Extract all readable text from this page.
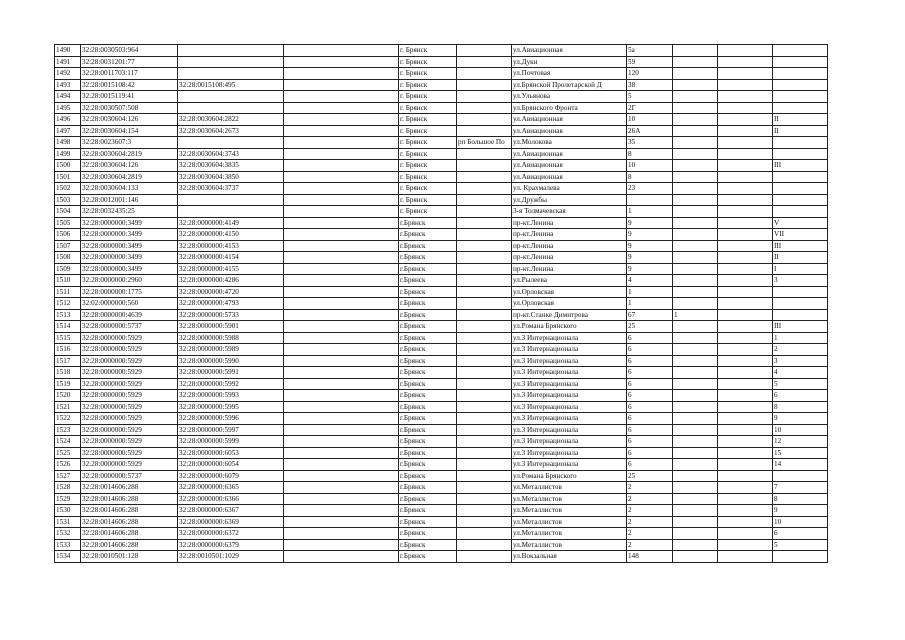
1490	32:28:0030503:964			г. Брянск		ул.Авиационная	5а			
1491	32:28:0031201:77			г. Брянск		ул.Дуки	59			
1492	32:28:0011703:117			г. Брянск		ул.Почтовая	120			
1493	32:28:0015108:42	32:28:0015108:495		г. Брянск		ул.Брянской Пролетарской Д	38			
1494	32:28:0015119:41			г. Брянск		ул.Ульянова	5			
1495	32:28:0030507:508			г. Брянск		ул.Брянского Фронта	2Г			
1496	32:28:0030604:126	32:28:0030604:2822		г. Брянск		ул.Авиационная	10			II
1497	32:28:0030604:154	32:28:0030604:2673		г. Брянск		ул.Авиационная	26А			II
1498	32:28:0023607:3			г. Брянск	рп Большое По	ул.Молокова	35			
1499	32:28:0030604:2819	32:28:0030604:3743		г. Брянск		ул.Авиационная	8			
1500	32:28:0030604:126	32:28:0030604:3835		г. Брянск		ул.Авиационная	10			III
1501	32:28:0030604:2819	32:28:0030604:3850		г. Брянск		ул.Авиационная	8			
1502	32:28:0030604:133	32:28:0030604:3737		г. Брянск		ул. Крахмалева	23			
1503	32:28:0012001:146			г. Брянск		ул.Дружбы				
1504	32:28:0032435:25			г. Брянск		3-я Толмачевская	1			
1505	32:28:0000000:3499	32:28:0000000:4149		г.Брянск		пр-кт.Ленина	9			V
1506	32:28:0000000:3499	32:28:0000000:4150		г.Брянск		пр-кт.Ленина	9			VII
1507	32:28:0000000:3499	32:28:0000000:4153		г.Брянск		пр-кт.Ленина	9			III
1508	32:28:0000000:3499	32:28:0000000:4154		г.Брянск		пр-кт.Ленина	9			II
1509	32:28:0000000:3499	32:28:0000000:4155		г.Брянск		пр-кт.Ленина	9			I
1510	32:28:0000000:2960	32:28:0000000:4286		г.Брянск		ул.Рылеева	4			3
1511	32:28:0000000:1775	32:28:0000000:4720		г.Брянск		ул.Орловская	1			
1512	32:02:0000000:560	32:28:0000000:4793		г.Брянск		ул.Орловская	1			
1513	32:28:0000000:4639	32:28:0000000:5733		г.Брянск		пр-кт.Станке Димитрова	67	1		
1514	32:28:0000000:5737	32:28:0000000:5901		г.Брянск		ул.Романа Брянского	25			III
1515	32:28:0000000:5929	32:28:0000000:5988		г.Брянск		ул.3 Интернационала	6			1
1516	32:28:0000000:5929	32:28:0000000:5989		г.Брянск		ул.3 Интернационала	6			2
1517	32:28:0000000:5929	32:28:0000000:5990		г.Брянск		ул.3 Интернационала	6			3
1518	32:28:0000000:5929	32:28:0000000:5991		г.Брянск		ул.3 Интернационала	6			4
1519	32:28:0000000:5929	32:28:0000000:5992		г.Брянск		ул.3 Интернационала	6			5
1520	32:28:0000000:5929	32:28:0000000:5993		г.Брянск		ул.3 Интернационала	6			6
1521	32:28:0000000:5929	32:28:0000000:5995		г.Брянск		ул.3 Интернационала	6			8
1522	32:28:0000000:5929	32:28:0000000:5996		г.Брянск		ул.3 Интернационала	6			9
1523	32:28:0000000:5929	32:28:0000000:5997		г.Брянск		ул.3 Интернационала	6			10
1524	32:28:0000000:5929	32:28:0000000:5999		г.Брянск		ул.3 Интернационала	6			12
1525	32:28:0000000:5929	32:28:0000000:6053		г.Брянск		ул.3 Интернационала	6			15
1526	32:28:0000000:5929	32:28:0000000:6054		г.Брянск		ул.3 Интернационала	6			14
1527	32:28:0000000:5737	32:28:0000000:6079		г.Брянск		ул.Романа Брянского	25			
1528	32:28:0014606:288	32:28:0000000:6365		г.Брянск		ул.Металлистов	2			7
1529	32:28:0014606:288	32:28:0000000:6366		г.Брянск		ул.Металлистов	2			8
1530	32:28:0014606:288	32:28:0000000:6367		г.Брянск		ул.Металлистов	2			9
1531	32:28:0014606:288	32:28:0000000:6369		г.Брянск		ул.Металлистов	2			10
1532	32:28:0014606:288	32:28:0000000:6372		г.Брянск		ул.Металлистов	2			6
1533	32:28:0014606:288	32:28:0000000:6379		г.Брянск		ул.Металлистов	2			5
1534	32:28:0010501:128	32:28:0010501:1029		г.Брянск		ул.Вокзальная	148			
